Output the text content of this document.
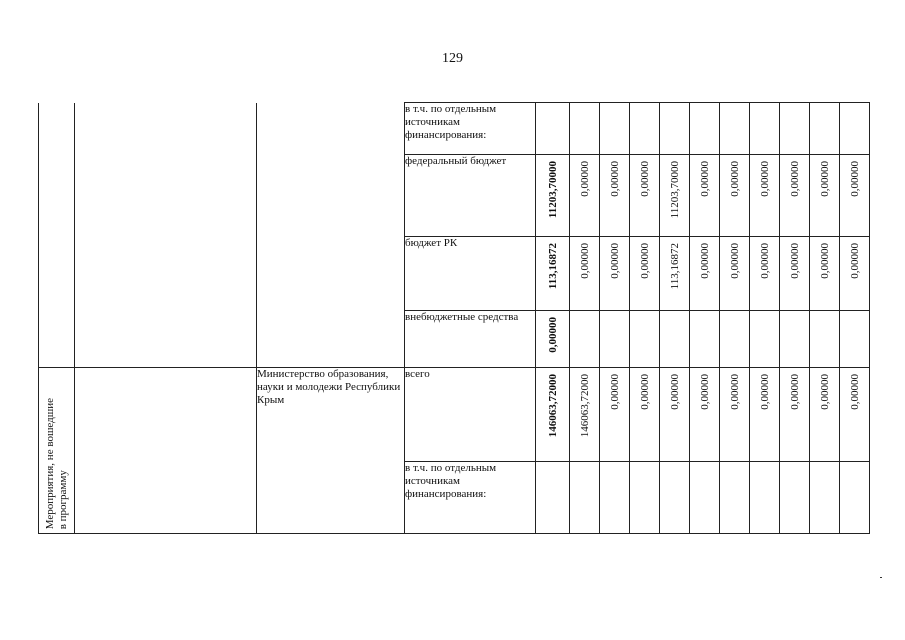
129
			в т.ч. по отдельным источникам финансирования:	

			федеральный бюджет	11203,70000	0,00000	0,00000	0,00000	11203,70000	0,00000	0,00000	0,00000	0,00000	0,00000	0,00000

			бюджет РК	113,16872	0,00000	0,00000	0,00000	113,16872	0,00000	0,00000	0,00000	0,00000	0,00000	0,00000

			внебюджетные средства	0,00000										

Мероприятия, не вошедшие
в программу		Министерство образования, науки и молодежи Республики Крым	всего	146063,72000	146063,72000	0,00000	0,00000	0,00000	0,00000	0,00000	0,00000	0,00000	0,00000	0,00000

			в т.ч. по отдельным источникам финансирования:	
